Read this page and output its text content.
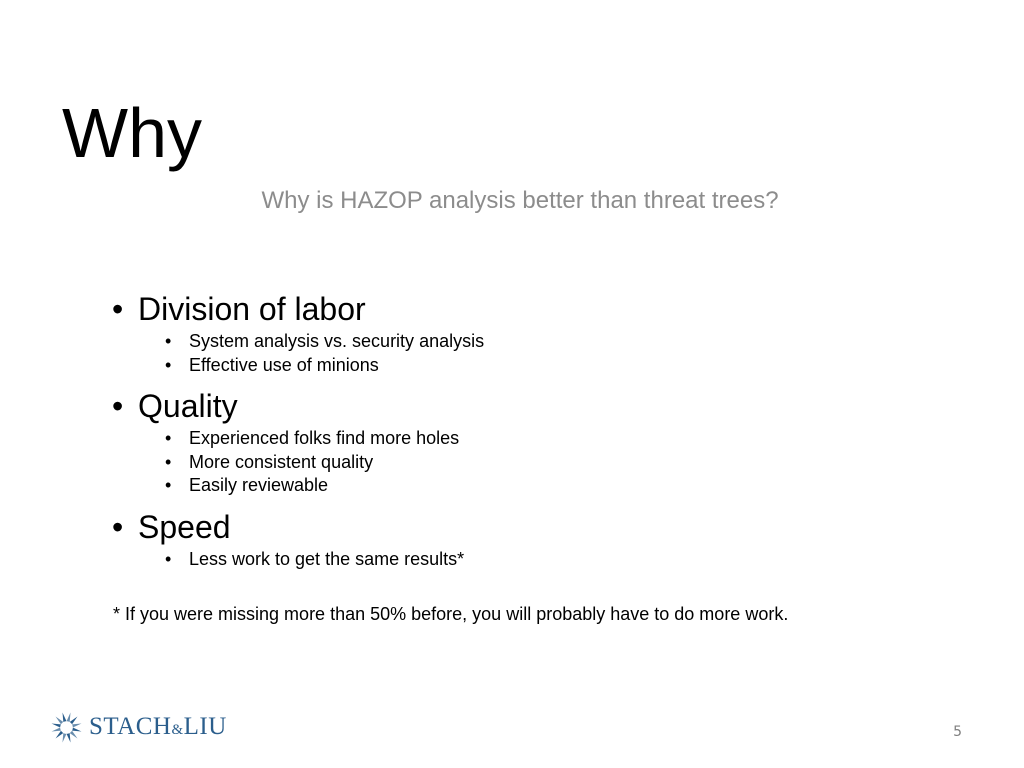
Why
Why is HAZOP analysis better than threat trees?
• Division of labor
• System analysis vs. security analysis
• Effective use of minions
• Quality
• Experienced folks find more holes
• More consistent quality
• Easily reviewable
• Speed
• Less work to get the same results*
* If you were missing more than 50% before, you will probably have to do more work.
STACH&LIU	5
